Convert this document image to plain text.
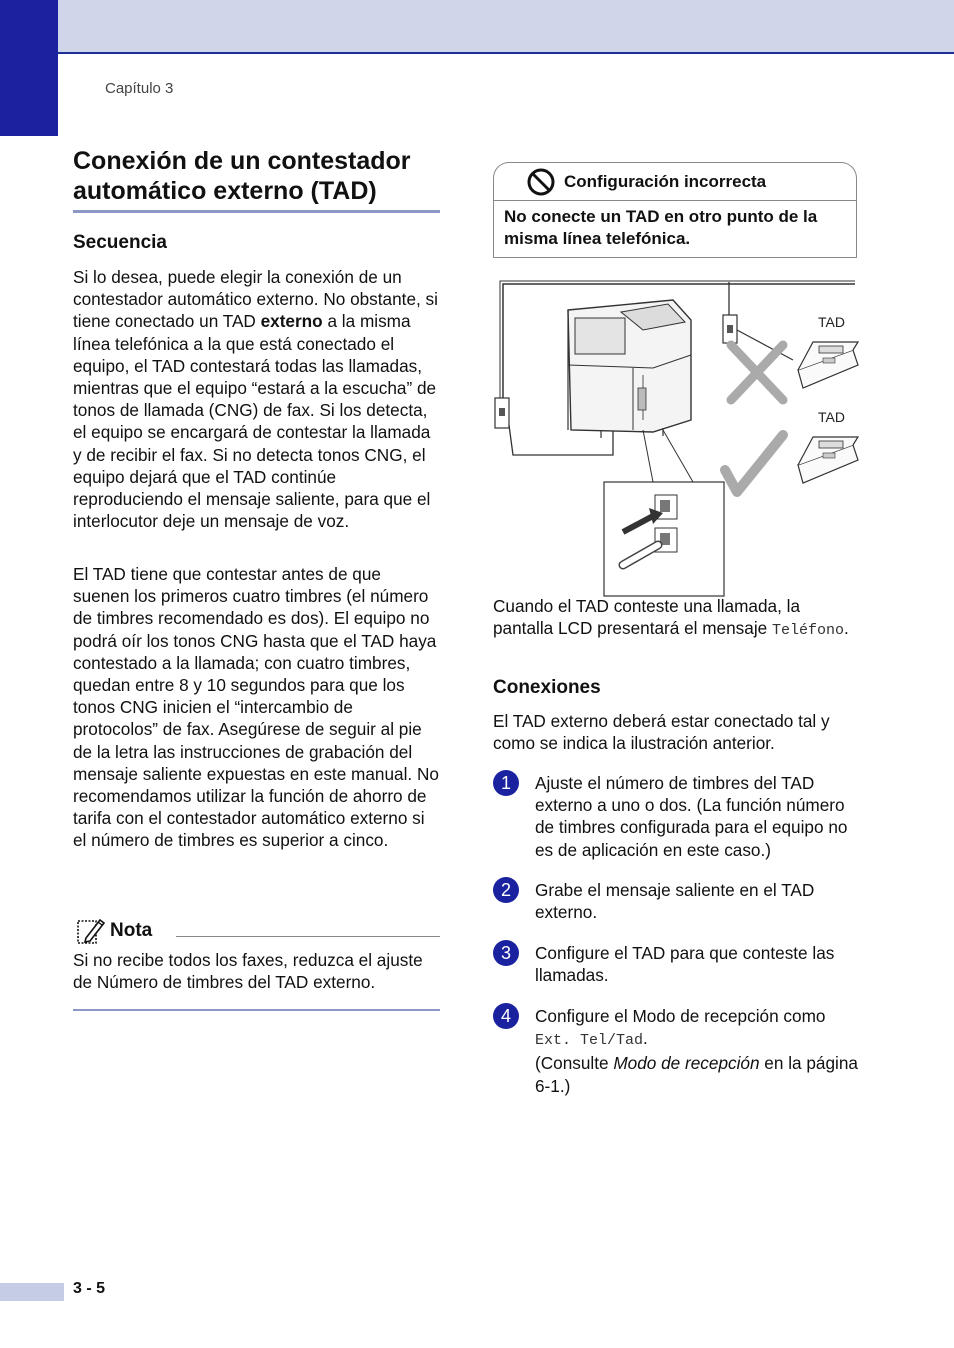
Capítulo 3
Conexión de un contestador automático externo (TAD)
Secuencia
Si lo desea, puede elegir la conexión de un contestador automático externo. No obstante, si tiene conectado un TAD externo a la misma línea telefónica a la que está conectado el equipo, el TAD contestará todas las llamadas, mientras que el equipo “estará a la escucha” de tonos de llamada (CNG) de fax. Si los detecta, el equipo se encargará de contestar la llamada y de recibir el fax. Si no detecta tonos CNG, el equipo dejará que el TAD continúe reproduciendo el mensaje saliente, para que el interlocutor deje un mensaje de voz.
El TAD tiene que contestar antes de que suenen los primeros cuatro timbres (el número de timbres recomendado es dos). El equipo no podrá oír los tonos CNG hasta que el TAD haya contestado a la llamada; con cuatro timbres, quedan entre 8 y 10 segundos para que los tonos CNG inicien el “intercambio de protocolos” de fax. Asegúrese de seguir al pie de la letra las instrucciones de grabación del mensaje saliente expuestas en este manual. No recomendamos utilizar la función de ahorro de tarifa con el contestador automático externo si el número de timbres es superior a cinco.
Nota
Si no recibe todos los faxes, reduzca el ajuste de Número de timbres del TAD externo.
Configuración incorrecta
No conecte un TAD en otro punto de la misma línea telefónica.
TAD
TAD
Cuando el TAD conteste una llamada, la pantalla LCD presentará el mensaje Teléfono.
Conexiones
El TAD externo deberá estar conectado tal y como se indica la ilustración anterior.
1	Ajuste el número de timbres del TAD externo a uno o dos. (La función número de timbres configurada para el equipo no es de aplicación en este caso.)
2	Grabe el mensaje saliente en el TAD externo.
3	Configure el TAD para que conteste las llamadas.
4	Configure el Modo de recepción como
Ext. Tel/Tad.
(Consulte Modo de recepción en la página 6-1.)
3 - 5
